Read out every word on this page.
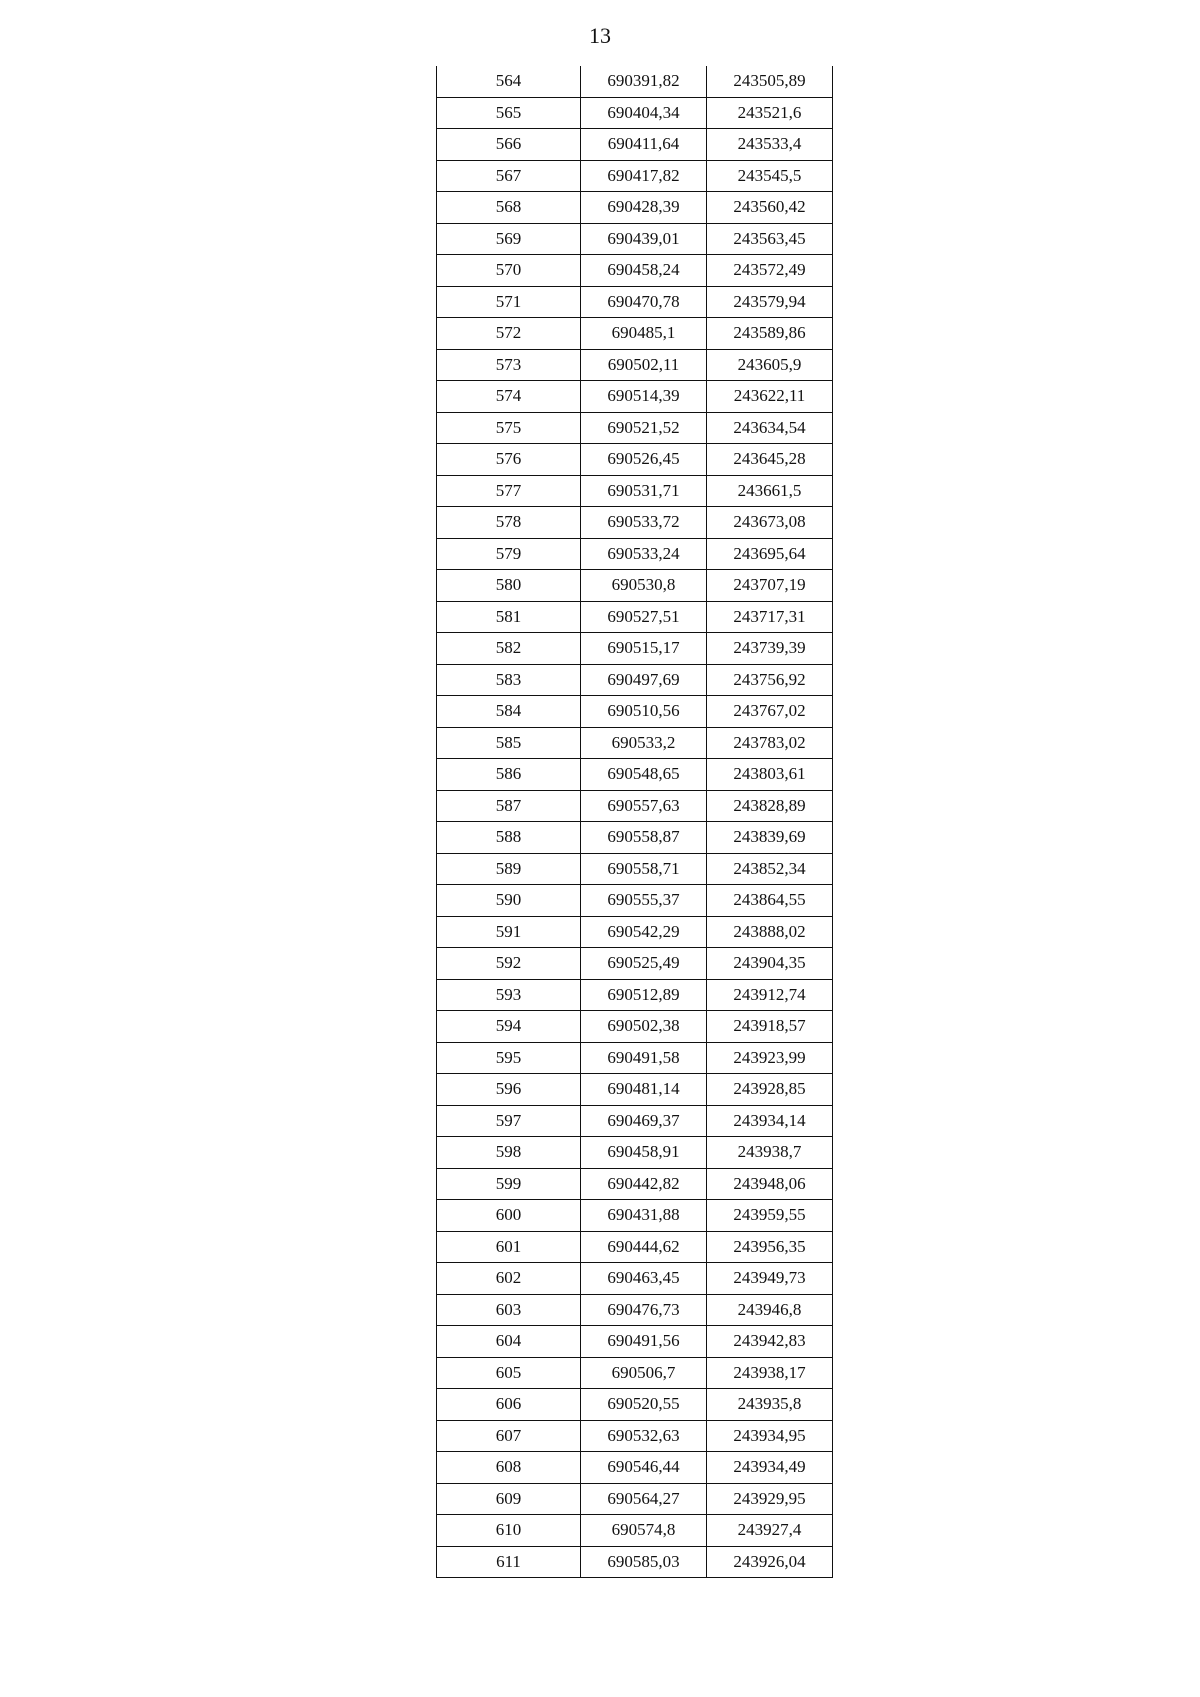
13
564	690391,82	243505,89
565	690404,34	243521,6
566	690411,64	243533,4
567	690417,82	243545,5
568	690428,39	243560,42
569	690439,01	243563,45
570	690458,24	243572,49
571	690470,78	243579,94
572	690485,1	243589,86
573	690502,11	243605,9
574	690514,39	243622,11
575	690521,52	243634,54
576	690526,45	243645,28
577	690531,71	243661,5
578	690533,72	243673,08
579	690533,24	243695,64
580	690530,8	243707,19
581	690527,51	243717,31
582	690515,17	243739,39
583	690497,69	243756,92
584	690510,56	243767,02
585	690533,2	243783,02
586	690548,65	243803,61
587	690557,63	243828,89
588	690558,87	243839,69
589	690558,71	243852,34
590	690555,37	243864,55
591	690542,29	243888,02
592	690525,49	243904,35
593	690512,89	243912,74
594	690502,38	243918,57
595	690491,58	243923,99
596	690481,14	243928,85
597	690469,37	243934,14
598	690458,91	243938,7
599	690442,82	243948,06
600	690431,88	243959,55
601	690444,62	243956,35
602	690463,45	243949,73
603	690476,73	243946,8
604	690491,56	243942,83
605	690506,7	243938,17
606	690520,55	243935,8
607	690532,63	243934,95
608	690546,44	243934,49
609	690564,27	243929,95
610	690574,8	243927,4
611	690585,03	243926,04
